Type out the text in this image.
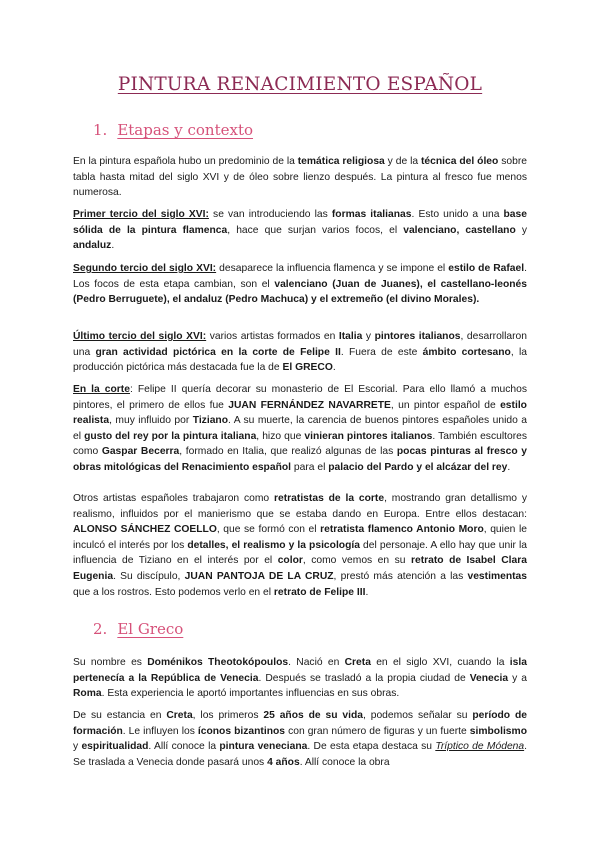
PINTURA RENACIMIENTO ESPAÑOL
1. Etapas y contexto
En la pintura española hubo un predominio de la temática religiosa y de la técnica del óleo sobre tabla hasta mitad del siglo XVI y de óleo sobre lienzo después. La pintura al fresco fue menos numerosa.
Primer tercio del siglo XVI: se van introduciendo las formas italianas. Esto unido a una base sólida de la pintura flamenca, hace que surjan varios focos, el valenciano, castellano y andaluz.
Segundo tercio del siglo XVI: desaparece la influencia flamenca y se impone el estilo de Rafael. Los focos de esta etapa cambian, son el valenciano (Juan de Juanes), el castellano-leonés (Pedro Berruguete), el andaluz (Pedro Machuca) y el extremeño (el divino Morales).
Último tercio del siglo XVI: varios artistas formados en Italia y pintores italianos, desarrollaron una gran actividad pictórica en la corte de Felipe II. Fuera de este ámbito cortesano, la producción pictórica más destacada fue la de El GRECO.
En la corte: Felipe II quería decorar su monasterio de El Escorial. Para ello llamó a muchos pintores, el primero de ellos fue JUAN FERNÁNDEZ NAVARRETE, un pintor español de estilo realista, muy influido por Tiziano. A su muerte, la carencia de buenos pintores españoles unido a el gusto del rey por la pintura italiana, hizo que vinieran pintores italianos. También escultores como Gaspar Becerra, formado en Italia, que realizó algunas de las pocas pinturas al fresco y obras mitológicas del Renacimiento español para el palacio del Pardo y el alcázar del rey.
Otros artistas españoles trabajaron como retratistas de la corte, mostrando gran detallismo y realismo, influidos por el manierismo que se estaba dando en Europa. Entre ellos destacan: ALONSO SÁNCHEZ COELLO, que se formó con el retratista flamenco Antonio Moro, quien le inculcó el interés por los detalles, el realismo y la psicología del personaje. A ello hay que unir la influencia de Tiziano en el interés por el color, como vemos en su retrato de Isabel Clara Eugenia. Su discípulo, JUAN PANTOJA DE LA CRUZ, prestó más atención a las vestimentas que a los rostros. Esto podemos verlo en el retrato de Felipe III.
2. El Greco
Su nombre es Doménikos Theotokópoulos. Nació en Creta en el siglo XVI, cuando la isla pertenecía a la República de Venecia. Después se trasladó a la propia ciudad de Venecia y a Roma. Esta experiencia le aportó importantes influencias en sus obras.
De su estancia en Creta, los primeros 25 años de su vida, podemos señalar su período de formación. Le influyen los íconos bizantinos con gran número de figuras y un fuerte simbolismo y espiritualidad. Allí conoce la pintura veneciana. De esta etapa destaca su Tríptico de Módena. Se traslada a Venecia donde pasará unos 4 años. Allí conoce la obra
